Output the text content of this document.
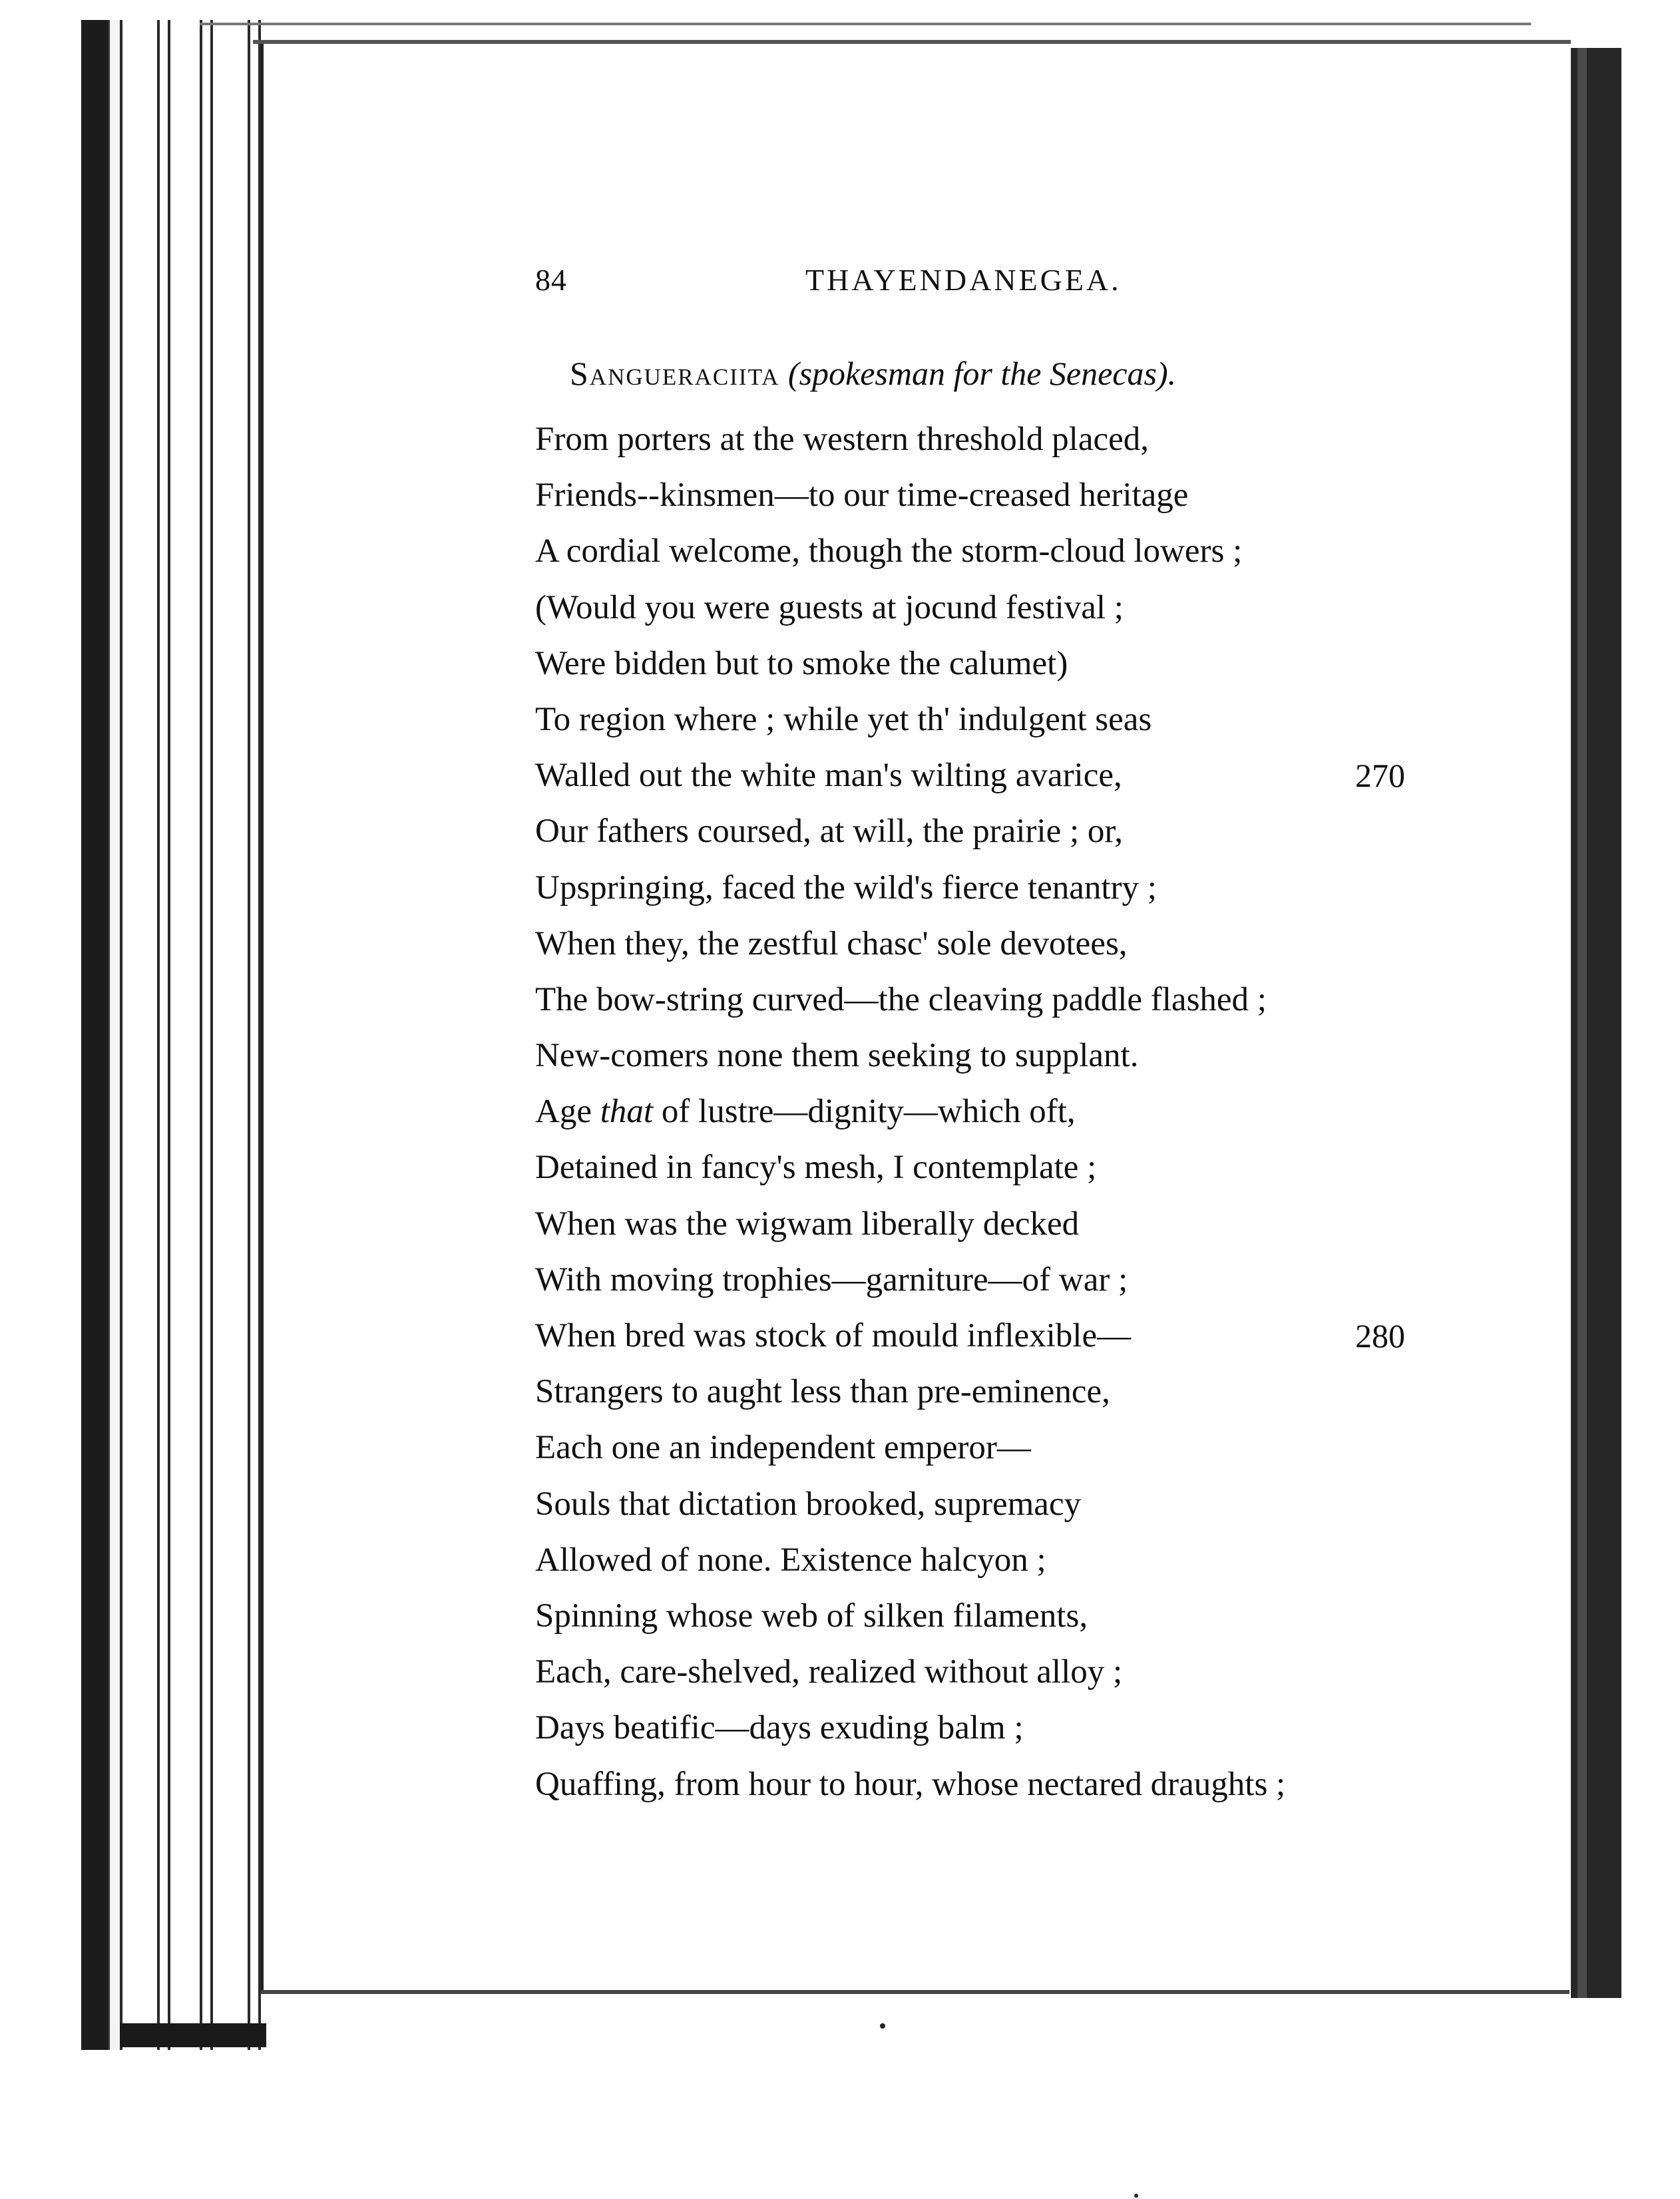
84	THAYENDANEGEA.
Sangueraciita (spokesman for the Senecas).
From porters at the western threshold placed,
Friends--kinsmen—to our time-creased heritage
A cordial welcome, though the storm-cloud lowers ;
(Would you were guests at jocund festival ;
Were bidden but to smoke the calumet)
To region where ; while yet th' indulgent seas
Walled out the white man's wilting avarice,	270
Our fathers coursed, at will, the prairie ; or,
Upspringing, faced the wild's fierce tenantry ;
When they, the zestful chasc' sole devotees,
The bow-string curved—the cleaving paddle flashed ;
New-comers none them seeking to supplant.
Age that of lustre—dignity—which oft,
Detained in fancy's mesh, I contemplate ;
When was the wigwam liberally decked
With moving trophies—garniture—of war ;
When bred was stock of mould inflexible—	280
Strangers to aught less than pre-eminence,
Each one an independent emperor—
Souls that dictation brooked, supremacy
Allowed of none. Existence halcyon ;
Spinning whose web of silken filaments,
Each, care-shelved, realized without alloy ;
Days beatific—days exuding balm ;
Quaffing, from hour to hour, whose nectared draughts ;
